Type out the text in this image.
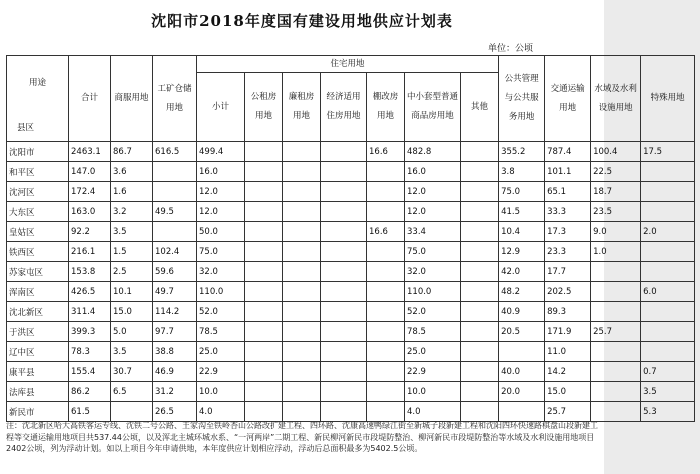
沈阳市2018年度国有建设用地供应计划表
单位：公顷
用途
县区	合计	商服用地	工矿仓储用地	住宅用地							公共管理与公共服务用地	交通运输用地	水域及水利设施用地	特殊用地
				小计	公租房用地	廉租房用地	经济适用住房用地	棚改房用地	中小套型普通商品房用地	其他				
沈阳市	2463.1	86.7	616.5	499.4				16.6	482.8		355.2	787.4	100.4	17.5
和平区	147.0	3.6		16.0					16.0		3.8	101.1	22.5	
沈河区	172.4	1.6		12.0					12.0		75.0	65.1	18.7	
大东区	163.0	3.2	49.5	12.0					12.0		41.5	33.3	23.5	
皇姑区	92.2	3.5		50.0				16.6	33.4		10.4	17.3	9.0	2.0
铁西区	216.1	1.5	102.4	75.0					75.0		12.9	23.3	1.0	
苏家屯区	153.8	2.5	59.6	32.0					32.0		42.0	17.7		
浑南区	426.5	10.1	49.7	110.0					110.0		48.2	202.5		6.0
沈北新区	311.4	15.0	114.2	52.0					52.0		40.9	89.3		
于洪区	399.3	5.0	97.7	78.5					78.5		20.5	171.9	25.7	
辽中区	78.3	3.5	38.8	25.0					25.0			11.0		
康平县	155.4	30.7	46.9	22.9					22.9		40.0	14.2		0.7
法库县	86.2	6.5	31.2	10.0					10.0		20.0	15.0		3.5
新民市	61.5		26.5	4.0					4.0			25.7		5.3
注：沈北新区哈大高铁客运专线、沈铁二号公路、王家沟至铁岭杏山公路改扩建工程、四环路、沈康高速鸭绿江街至新城子段新建工程和沈阳四环快速路棋盘山段新建工程等交通运输用地项目共537.44公顷，以及浑北主城环城水系、“一河两岸”二期工程、新民柳河新民市段堤防整治、柳河新民市段堤防整治等水域及水利设施用地项目2402公顷，列为浮动计划。如以上项目今年申请供地，本年度供应计划相应浮动，浮动后总面积最多为5402.5公顷。
